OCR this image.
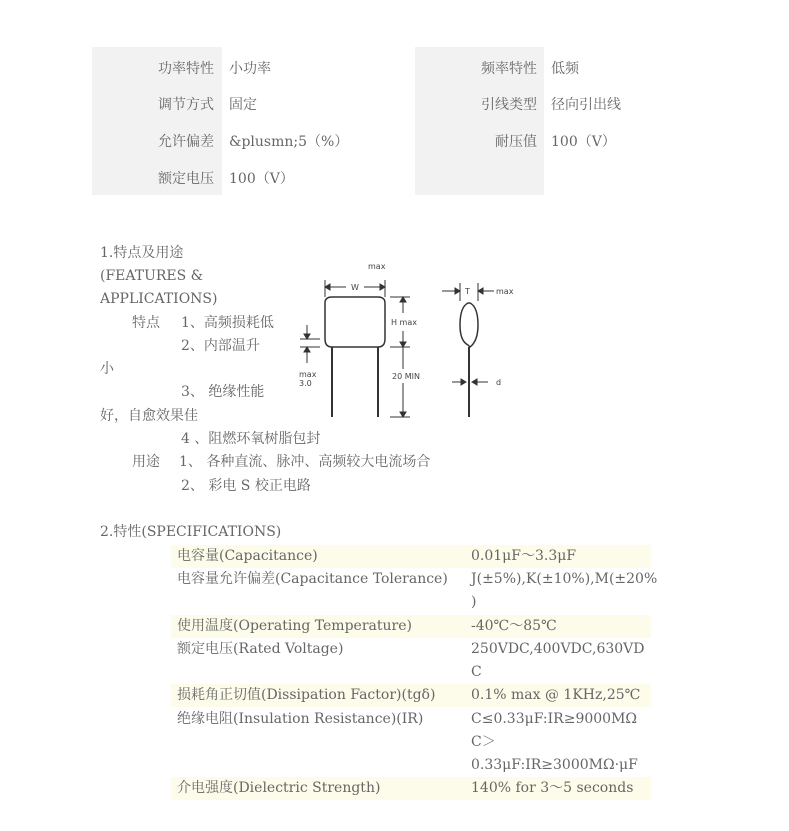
功率特性 小功率
调节方式 固定
允许偏差 &plusmn;5（%）
额定电压 100（V）
频率特性 低频
引线类型 径向引出线
耐压值 100（V）
1.特点及用途
(FEATURES &
APPLICATIONS)
特点 1、高频损耗低
2、内部温升
小
3、 绝缘性能
好，自愈效果佳
4 、阻燃环氧树脂包封
用途 1、 各种直流、脉冲、高频较大电流场合
2、 彩电 S 校正电路
max
W
H max
max
3.0
20 MIN
T	max
d
2.特性(SPECIFICATIONS)
电容量(Capacitance)	0.01μF～3.3μF
电容量允许偏差(Capacitance Tolerance) J(±5%),K(±10%),M(±20%
)
使用温度(Operating Temperature)	-40℃～85℃
额定电压(Rated Voltage)	250VDC,400VDC,630VD
C
损耗角正切值(Dissipation Factor)(tgδ)	0.1% max @ 1KHz,25℃
绝缘电阻(Insulation Resistance)(IR)	C≤0.33μF:IR≥9000MΩ
C＞
0.33μF:IR≥3000MΩ·μF
介电强度(Dielectric Strength)	140% for 3～5 seconds
